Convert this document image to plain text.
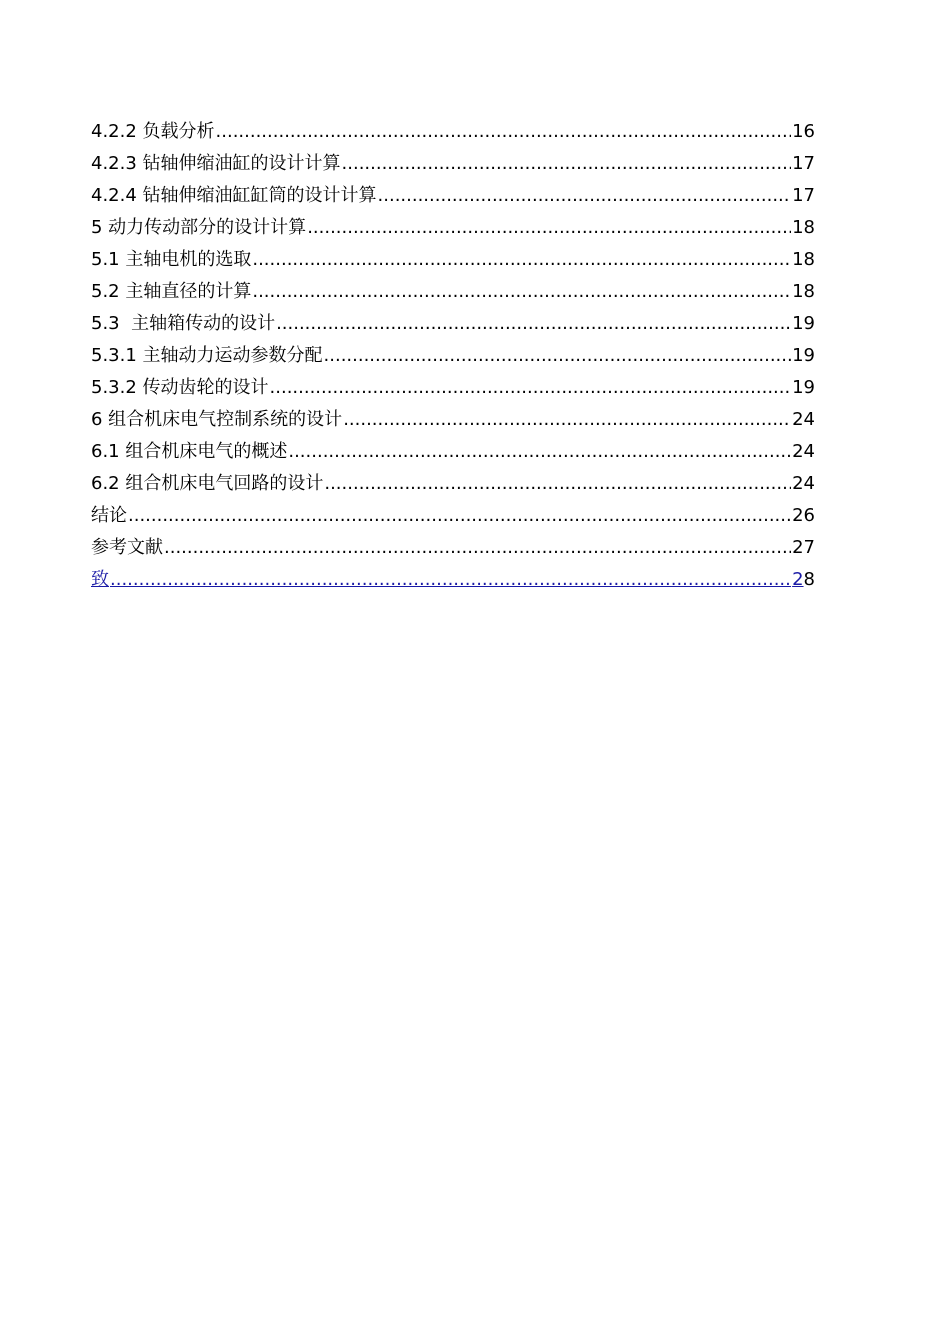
4.2.2 负载分析 .....	16
4.2.3 钻轴伸缩油缸的设计计算 .....	17
4.2.4 钻轴伸缩油缸缸筒的设计计算 .....	17
5 动力传动部分的设计计算 .....	18
5.1 主轴电机的选取 .....	18
5.2 主轴直径的计算 .....	18
5.3  主轴箱传动的设计 .....	19
5.3.1 主轴动力运动参数分配 .....	19
5.3.2 传动齿轮的设计 .....	19
6 组合机床电气控制系统的设计 .....	24
6.1 组合机床电气的概述 .....	24
6.2 组合机床电气回路的设计 .....	24
结论 .....	26
参考文献 .....	27
致 .....	28
